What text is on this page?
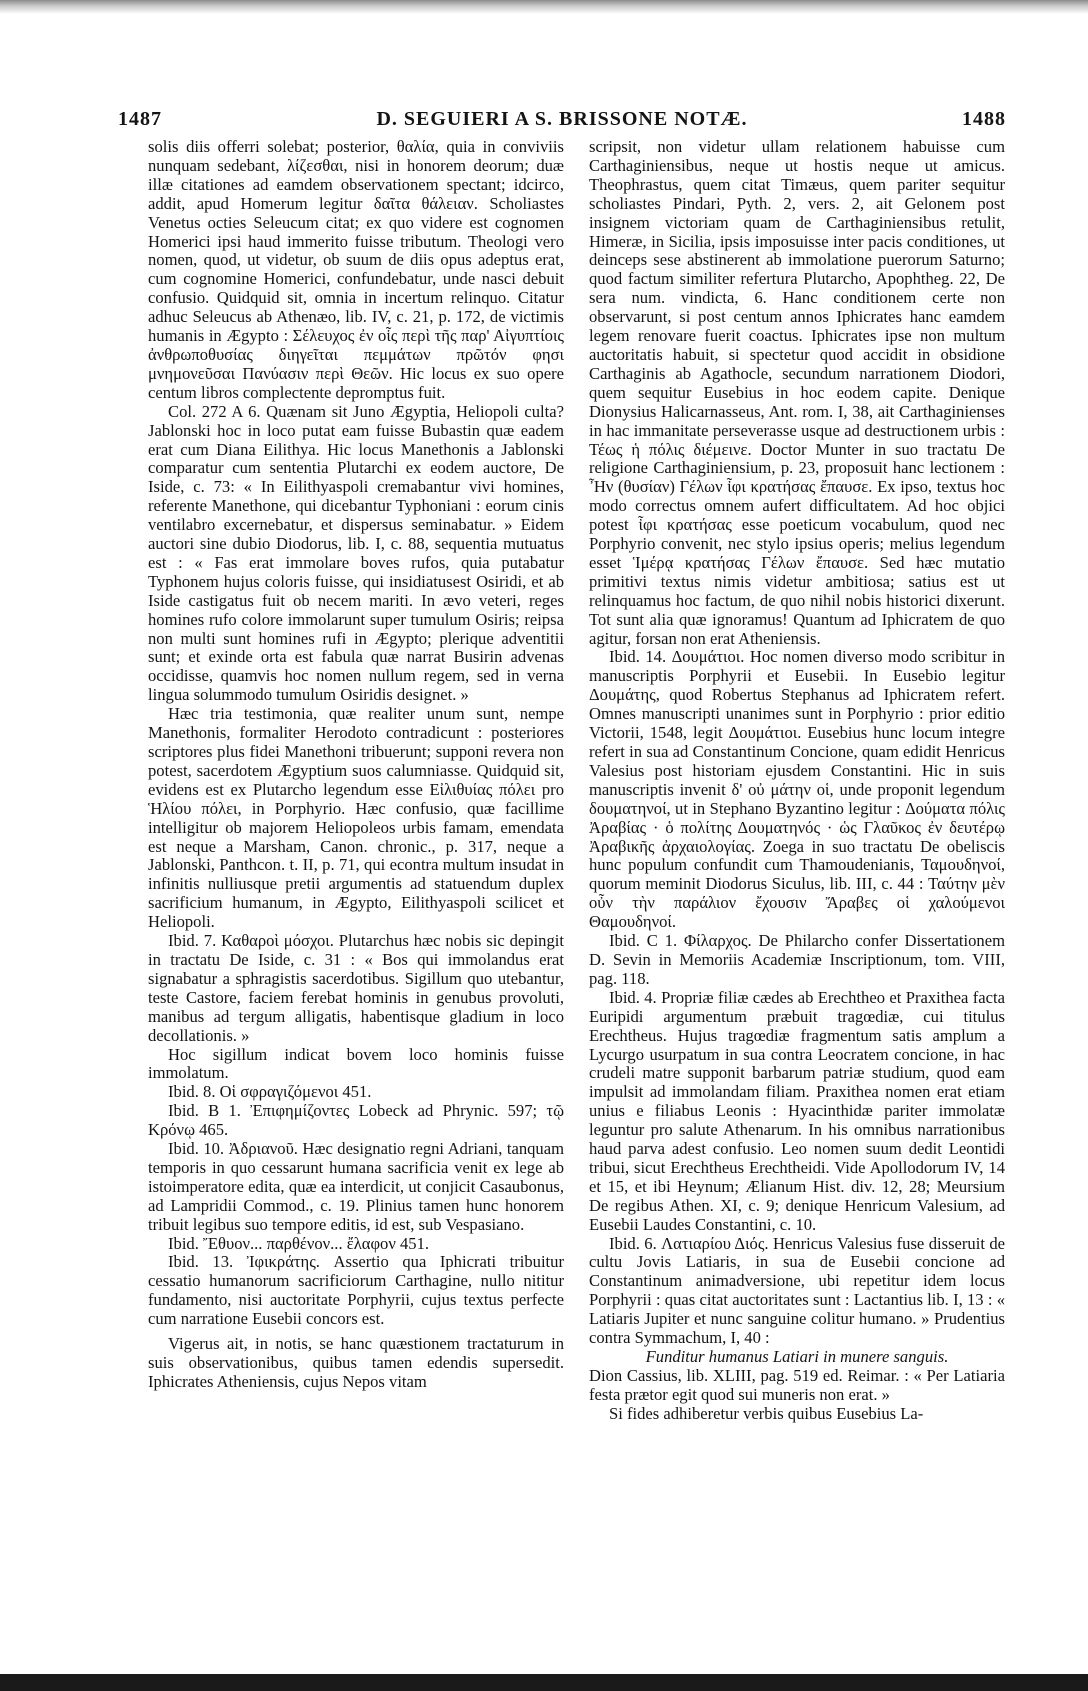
1487	D. SEGUIERI A S. BRISSONE NOTÆ.	1488

solis diis offerri solebat; posterior, θαλία, quia in conviviis nunquam sedebant, λίζεσθαι, nisi in honorem deorum; duæ illæ citationes ad eamdem observationem spectant; idcirco, addit, apud Homerum legitur δαῖτα θάλειαν. Scholiastes Venetus octies Seleucum citat; ex quo videre est cognomen Homerici ipsi haud immerito fuisse tributum. Theologi vero nomen, quod, ut videtur, ob suum de diis opus adeptus erat, cum cognomine Homerici, confundebatur, unde nasci debuit confusio. Quidquid sit, omnia in incertum relinquo. Citatur adhuc Seleucus ab Athenæo, lib. IV, c. 21, p. 172, de victimis humanis in Ægypto : Σέλευχος ἐν οἷς περὶ τῆς παρ' Αἰγυπτίοις ἀνθρωποθυσίας διηγεῖται πεμμάτων πρῶτόν φησι μνημονεῦσαι Πανύασιν περὶ Θεῶν. Hic locus ex suo opere centum libros complectente depromptus fuit.

Col. 272 A 6. Quænam sit Juno Ægyptia, Heliopoli culta? Jablonski hoc in loco putat eam fuisse Bubastin quæ eadem erat cum Diana Eilithya. Hic locus Manethonis a Jablonski comparatur cum sententia Plutarchi ex eodem auctore, De Iside, c. 73: « In Eilithyaspoli cremabantur vivi homines, referente Manethone, qui dicebantur Typhoniani : eorum cinis ventilabro excernebatur, et dispersus seminabatur. » Eidem auctori sine dubio Diodorus, lib. I, c. 88, sequentia mutuatus est : « Fas erat immolare boves rufos, quia putabatur Typhonem hujus coloris fuisse, qui insidiatusest Osiridi, et ab Iside castigatus fuit ob necem mariti. In ævo veteri, reges homines rufo colore immolarunt super tumulum Osiris; reipsa non multi sunt homines rufi in Ægypto; plerique adventitii sunt; et exinde orta est fabula quæ narrat Busirin advenas occidisse, quamvis hoc nomen nullum regem, sed in verna lingua solummodo tumulum Osiridis designet. »

Hæc tria testimonia, quæ realiter unum sunt, nempe Manethonis, formaliter Herodoto contradicunt : posteriores scriptores plus fidei Manethoni tribuerunt; supponi revera non potest, sacerdotem Ægyptium suos calumniasse. Quidquid sit, evidens est ex Plutarcho legendum esse Εἰλιθυίας πόλει pro Ἡλίου πόλει, in Porphyrio. Hæc confusio, quæ facillime intelligitur ob majorem Heliopoleos urbis famam, emendata est neque a Marsham, Canon. chronic., p. 317, neque a Jablonski, Panthcon. t. II, p. 71, qui econtra multum insudat in infinitis nulliusque pretii argumentis ad statuendum duplex sacrificium humanum, in Ægypto, Eilithyaspoli scilicet et Heliopoli.

Ibid. 7. Καθαροὶ μόσχοι. Plutarchus hæc nobis sic depingit in tractatu De Iside, c. 31 : « Bos qui immolandus erat signabatur a sphragistis sacerdotibus. Sigillum quo utebantur, teste Castore, faciem ferebat hominis in genubus provoluti, manibus ad tergum alligatis, habentisque gladium in loco decollationis. »

Hoc sigillum indicat bovem loco hominis fuisse immolatum.

Ibid. 8. Οἱ σφραγιζόμενοι 451.

Ibid. B 1. Ἐπιφημίζοντες Lobeck ad Phrynic. 597; τῷ Κρόνῳ 465.

Ibid. 10. Ἀδριανοῦ. Hæc designatio regni Adriani, tanquam temporis in quo cessarunt humana sacrificia venit ex lege ab istoimperatore edita, quæ ea interdicit, ut conjicit Casaubonus, ad Lampridii Commod., c. 19. Plinius tamen hunc honorem tribuit legibus suo tempore editis, id est, sub Vespasiano.

Ibid. Ἔθυον... παρθένον... ἔλαφον 451.

Ibid. 13. Ἰφικράτης. Assertio qua Iphicrati tribuitur cessatio humanorum sacrificiorum Carthagine, nullo nititur fundamento, nisi auctoritate Porphyrii, cujus textus perfecte cum narratione Eusebii concors est.

Vigerus ait, in notis, se hanc quæstionem tractaturum in suis observationibus, quibus tamen edendis supersedit. Iphicrates Atheniensis, cujus Nepos vitam

scripsit, non videtur ullam relationem habuisse cum Carthaginiensibus, neque ut hostis neque ut amicus. Theophrastus, quem citat Timæus, quem pariter sequitur scholiastes Pindari, Pyth. 2, vers. 2, ait Gelonem post insignem victoriam quam de Carthaginiensibus retulit, Himeræ, in Sicilia, ipsis imposuisse inter pacis conditiones, ut deinceps sese abstinerent ab immolatione puerorum Saturno; quod factum similiter refertura Plutarcho, Apophtheg. 22, De sera num. vindicta, 6. Hanc conditionem certe non observarunt, si post centum annos Iphicrates hanc eamdem legem renovare fuerit coactus. Iphicrates ipse non multum auctoritatis habuit, si spectetur quod accidit in obsidione Carthaginis ab Agathocle, secundum narrationem Diodori, quem sequitur Eusebius in hoc eodem capite. Denique Dionysius Halicarnasseus, Ant. rom. I, 38, ait Carthaginienses in hac immanitate perseverasse usque ad destructionem urbis : Τέως ἡ πόλις διέμεινε. Doctor Munter in suo tractatu De religione Carthaginiensium, p. 23, proposuit hanc lectionem : Ἦν (θυσίαν) Γέλων ἶφι κρατήσας ἔπαυσε. Ex ipso, textus hoc modo correctus omnem aufert difficultatem. Ad hoc objici potest ἶφι κρατήσας esse poeticum vocabulum, quod nec Porphyrio convenit, nec stylo ipsius operis; melius legendum esset Ἱμέρᾳ κρατήσας Γέλων ἔπαυσε. Sed hæc mutatio primitivi textus nimis videtur ambitiosa; satius est ut relinquamus hoc factum, de quo nihil nobis historici dixerunt. Tot sunt alia quæ ignoramus! Quantum ad Iphicratem de quo agitur, forsan non erat Atheniensis.

Ibid. 14. Δουμάτιοι. Hoc nomen diverso modo scribitur in manuscriptis Porphyrii et Eusebii. In Eusebio legitur Δουμάτης, quod Robertus Stephanus ad Iphicratem refert. Omnes manuscripti unanimes sunt in Porphyrio : prior editio Victorii, 1548, legit Δουμάτιοι. Eusebius hunc locum integre refert in sua ad Constantinum Concione, quam edidit Henricus Valesius post historiam ejusdem Constantini. Hic in suis manuscriptis invenit δ' οὐ μάτην οἱ, unde proponit legendum δουματηνοί, ut in Stephano Byzantino legitur : Δούματα πόλις Ἀραβίας · ὁ πολίτης Δουματηνός · ὡς Γλαῦκος ἐν δευτέρῳ Ἀραβικῆς ἀρχαιολογίας. Zoega in suo tractatu De obeliscis hunc populum confundit cum Thamoudenianis, Ταμουδηνοί, quorum meminit Diodorus Siculus, lib. III, c. 44 : Ταύτην μὲν οὖν τὴν παράλιον ἔχουσιν Ἄραβες οἱ χαλούμενοι Θαμουδηνοί.

Ibid. C 1. Φίλαρχος. De Philarcho confer Dissertationem D. Sevin in Memoriis Academiæ Inscriptionum, tom. VIII, pag. 118.

Ibid. 4. Propriæ filiæ cædes ab Erechtheo et Praxithea facta Euripidi argumentum præbuit tragœdiæ, cui titulus Erechtheus. Hujus tragœdiæ fragmentum satis amplum a Lycurgo usurpatum in sua contra Leocratem concione, in hac crudeli matre supponit barbarum patriæ studium, quod eam impulsit ad immolandam filiam. Praxithea nomen erat etiam unius e filiabus Leonis : Hyacinthidæ pariter immolatæ leguntur pro salute Athenarum. In his omnibus narrationibus haud parva adest confusio. Leo nomen suum dedit Leontidi tribui, sicut Erechtheus Erechtheidi. Vide Apollodorum IV, 14 et 15, et ibi Heynum; Ælianum Hist. div. 12, 28; Meursium De regibus Athen. XI, c. 9; denique Henricum Valesium, ad Eusebii Laudes Constantini, c. 10.

Ibid. 6. Λατιαρίου Διός. Henricus Valesius fuse disseruit de cultu Jovis Latiaris, in sua de Eusebii concione ad Constantinum animadversione, ubi repetitur idem locus Porphyrii : quas citat auctoritates sunt : Lactantius lib. I, 13 : « Latiaris Jupiter et nunc sanguine colitur humano. » Prudentius contra Symmachum, I, 40 :

Funditur humanus Latiari in munere sanguis.

Dion Cassius, lib. XLIII, pag. 519 ed. Reimar. : « Per Latiaria festa prætor egit quod sui muneris non erat. »

Si fides adhiberetur verbis quibus Eusebius La-
